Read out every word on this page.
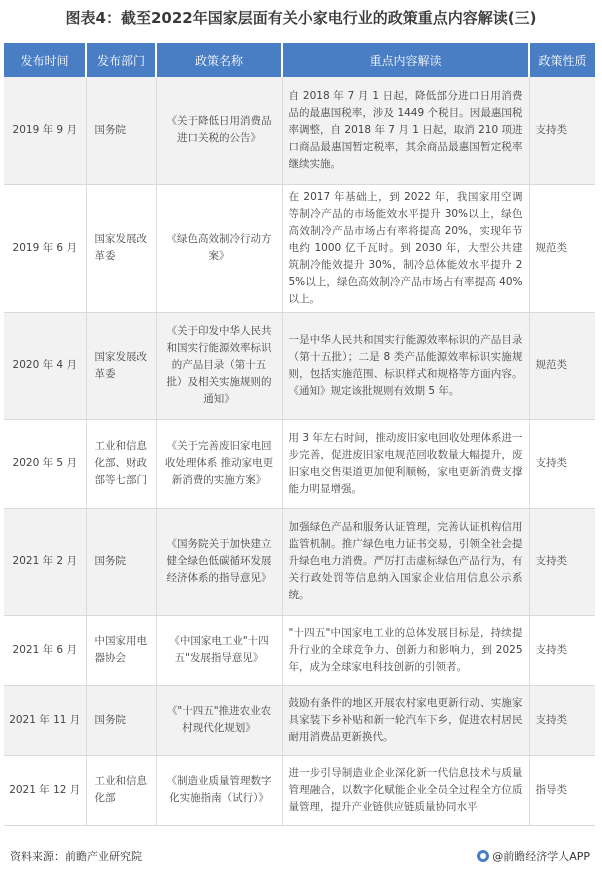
图表4：截至2022年国家层面有关小家电行业的政策重点内容解读(三)
发布时间	发布部门	政策名称	重点内容解读	政策性质
2019 年 9 月	国务院	《关于降低日用消费品进口关税的公告》	自 2018 年 7 月 1 日起，降低部分进口日用消费品的最惠国税率，涉及 1449 个税目。因最惠国税率调整，自 2018 年 7 月 1 日起，取消 210 项进口商品最惠国暂定税率，其余商品最惠国暂定税率继续实施。	支持类
2019 年 6 月	国家发展改革委	《绿色高效制冷行动方案》	在 2017 年基础上，到 2022 年，我国家用空调等制冷产品的市场能效水平提升 30%以上，绿色高效制冷产品市场占有率将提高 20%，实现年节电约 1000 亿千瓦时。到 2030 年，大型公共建筑制冷能效提升 30%，制冷总体能效水平提升 25%以上，绿色高效制冷产品市场占有率提高 40%以上。	规范类
2020 年 4 月	国家发展改革委	《关于印发中华人民共和国实行能源效率标识的产品目录（第十五批）及相关实施规则的通知》	一是中华人民共和国实行能源效率标识的产品目录（第十五批）；二是 8 类产品能源效率标识实施规则，包括实施范围、标识样式和规格等方面内容。《通知》规定该批规则有效期 5 年。	规范类
2020 年 5 月	工业和信息化部、财政部等七部门	《关于完善废旧家电回收处理体系 推动家电更新消费的实施方案》	用 3 年左右时间，推动废旧家电回收处理体系进一步完善，促进废旧家电规范回收数量大幅提升，废旧家电交售渠道更加便利顺畅，家电更新消费支撑能力明显增强。	支持类
2021 年 2 月	国务院	《国务院关于加快建立健全绿色低碳循环发展经济体系的指导意见》	加强绿色产品和服务认证管理，完善认证机构信用监管机制。推广绿色电力证书交易，引领全社会提升绿色电力消费。严厉打击虚标绿色产品行为，有关行政处罚等信息纳入国家企业信用信息公示系统。	支持类
2021 年 6 月	中国家用电器协会	《中国家电工业"十四五"发展指导意见》	"十四五"中国家电工业的总体发展目标是，持续提升行业的全球竞争力、创新力和影响力，到 2025 年，成为全球家电科技创新的引领者。	支持类
2021 年 11 月	国务院	《"十四五"推进农业农村现代化规划》	鼓励有条件的地区开展农村家电更新行动、实施家具家装下乡补贴和新一轮汽车下乡，促进农村居民耐用消费品更新换代。	支持类
2021 年 12 月	工业和信息化部	《制造业质量管理数字化实施指南（试行）》	进一步引导制造业企业深化新一代信息技术与质量管理融合，以数字化赋能企业全员全过程全方位质量管理，提升产业链供应链质量协同水平	指导类
资料来源：前瞻产业研究院	@前瞻经济学人APP
